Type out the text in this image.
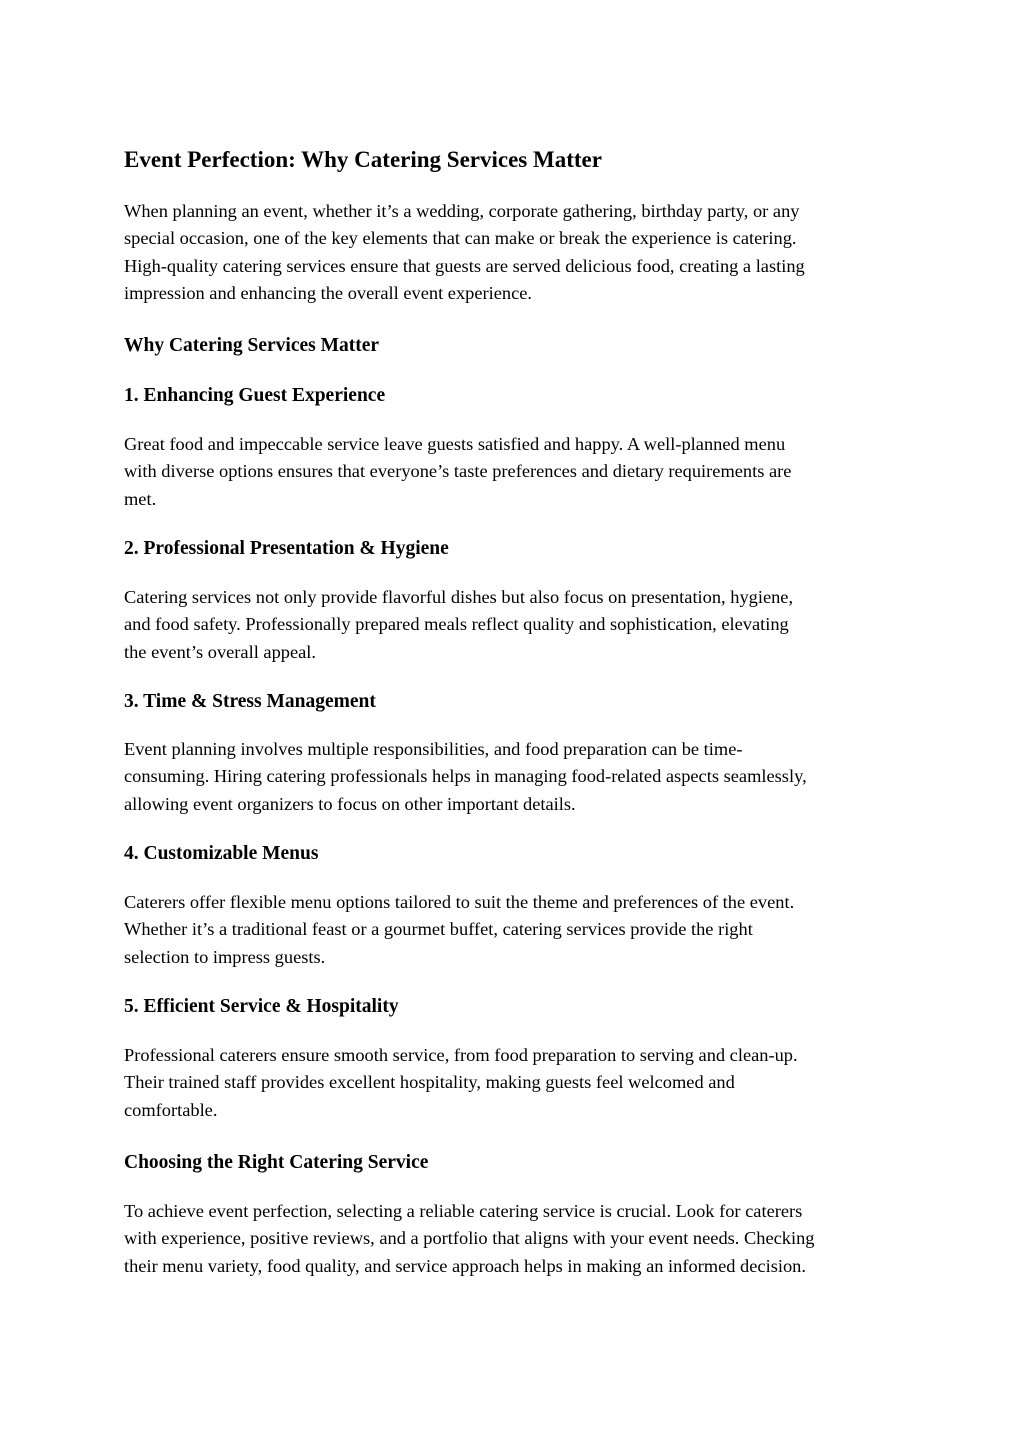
Event Perfection: Why Catering Services Matter

When planning an event, whether it’s a wedding, corporate gathering, birthday party, or any
special occasion, one of the key elements that can make or break the experience is catering.
High-quality catering services ensure that guests are served delicious food, creating a lasting
impression and enhancing the overall event experience.

Why Catering Services Matter
1. Enhancing Guest Experience

Great food and impeccable service leave guests satisfied and happy. A well-planned menu
with diverse options ensures that everyone’s taste preferences and dietary requirements are
met.

2. Professional Presentation & Hygiene

Catering services not only provide flavorful dishes but also focus on presentation, hygiene,
and food safety. Professionally prepared meals reflect quality and sophistication, elevating
the event’s overall appeal.

3. Time & Stress Management

Event planning involves multiple responsibilities, and food preparation can be time-
consuming. Hiring catering professionals helps in managing food-related aspects seamlessly,
allowing event organizers to focus on other important details.

4. Customizable Menus

Caterers offer flexible menu options tailored to suit the theme and preferences of the event.
Whether it’s a traditional feast or a gourmet buffet, catering services provide the right
selection to impress guests.

5. Efficient Service & Hospitality

Professional caterers ensure smooth service, from food preparation to serving and clean-up.
Their trained staff provides excellent hospitality, making guests feel welcomed and
comfortable.

Choosing the Right Catering Service

To achieve event perfection, selecting a reliable catering service is crucial. Look for caterers
with experience, positive reviews, and a portfolio that aligns with your event needs. Checking
their menu variety, food quality, and service approach helps in making an informed decision.
